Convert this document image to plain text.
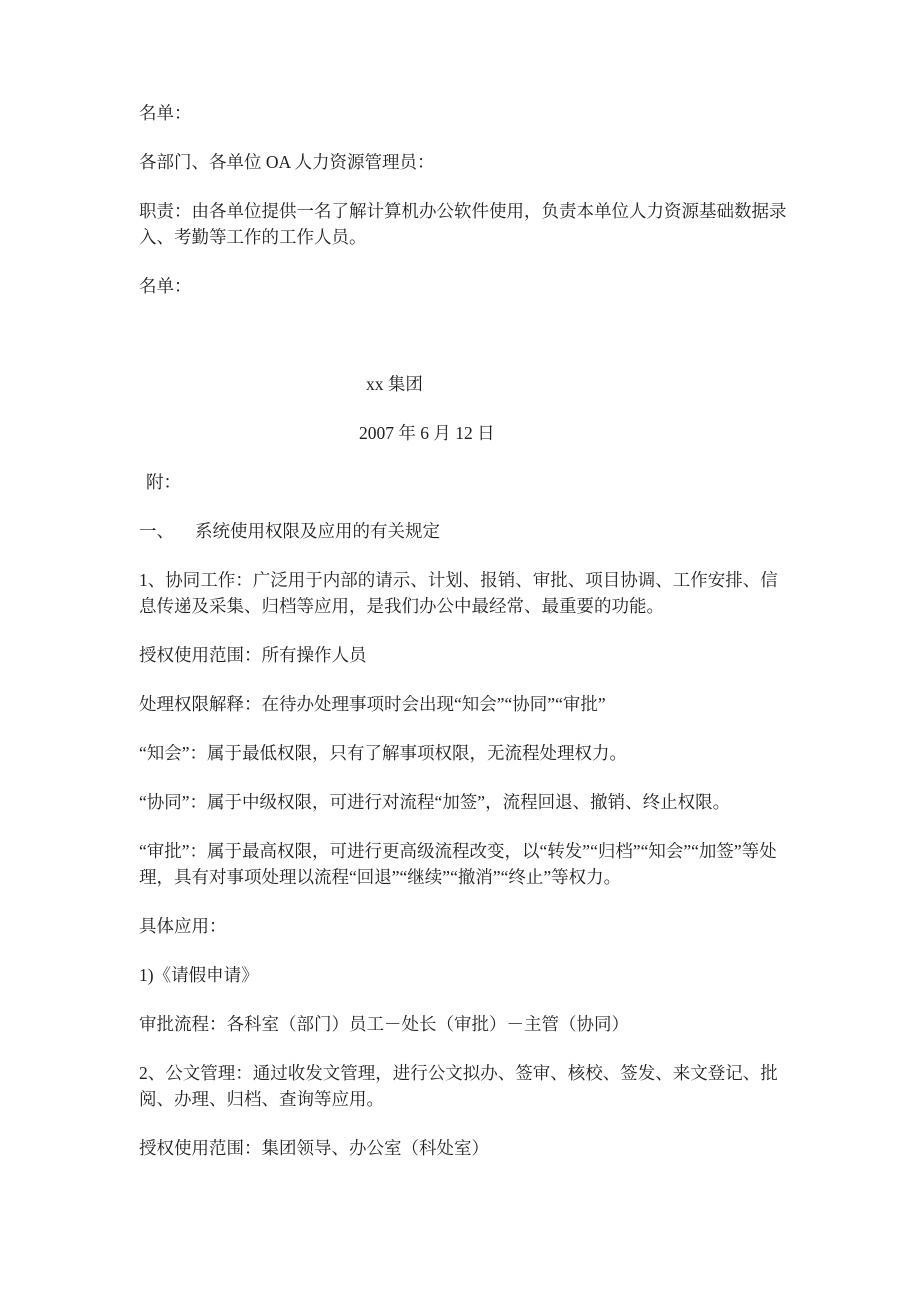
名单：

各部门、各单位 OA 人力资源管理员：

职责：由各单位提供一名了解计算机办公软件使用，负责本单位人力资源基础数据录入、考勤等工作的工作人员。

名单：

xx 集团

2007 年 6 月 12 日

附：

一、 系统使用权限及应用的有关规定

1、协同工作：广泛用于内部的请示、计划、报销、审批、项目协调、工作安排、信息传递及采集、归档等应用，是我们办公中最经常、最重要的功能。

授权使用范围：所有操作人员

处理权限解释：在待办处理事项时会出现“知会”“协同”“审批”

“知会”：属于最低权限，只有了解事项权限，无流程处理权力。

“协同”：属于中级权限，可进行对流程“加签”，流程回退、撤销、终止权限。

“审批”：属于最高权限，可进行更高级流程改变，以“转发”“归档”“知会”“加签”等处理，具有对事项处理以流程“回退”“继续”“撤消”“终止”等权力。

具体应用：

1)《请假申请》

审批流程：各科室（部门）员工－处长（审批）－主管（协同）

2、公文管理：通过收发文管理，进行公文拟办、签审、核校、签发、来文登记、批阅、办理、归档、查询等应用。

授权使用范围：集团领导、办公室（科处室）
